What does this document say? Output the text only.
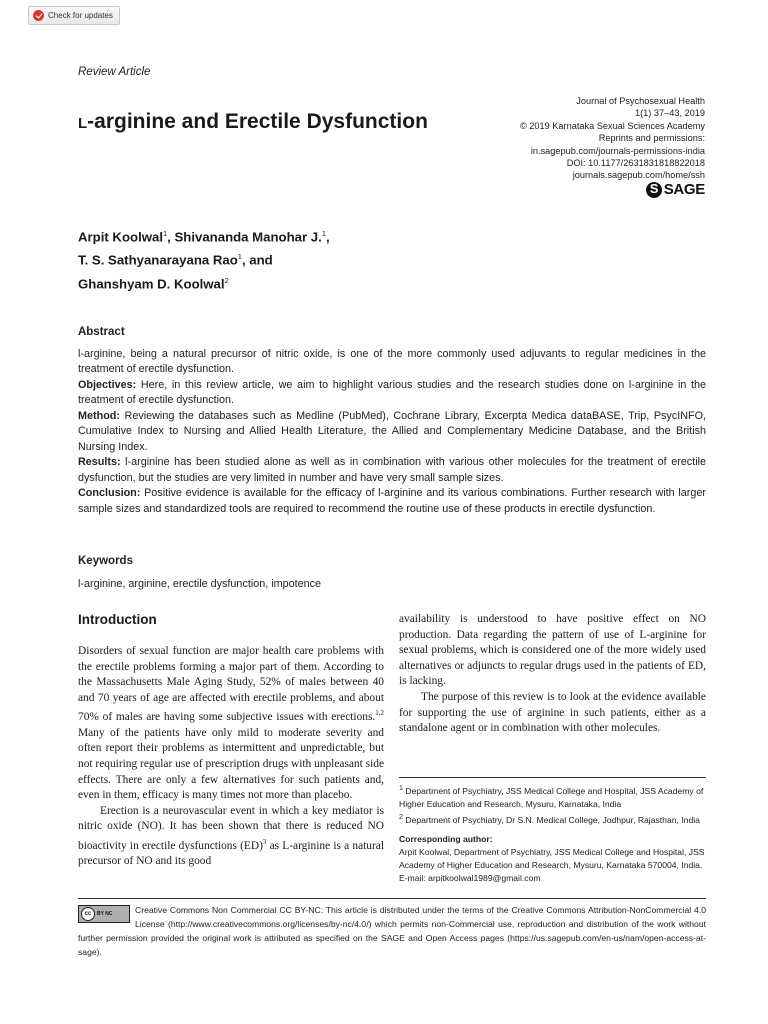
Check for updates
Review Article
l-arginine and Erectile Dysfunction
Journal of Psychosexual Health
1(1) 37–43, 2019
© 2019 Karnataka Sexual Sciences Academy
Reprints and permissions:
in.sagepub.com/journals-permissions-india
DOI: 10.1177/2631831818822018
journals.sagepub.com/home/ssh
S
SAGE
Arpit Koolwal$^1$, Shivananda Manohar J.$^1$,
T. S. Sathyanarayana Rao$^1$, and
Ghanshyam D. Koolwal$^2$
Abstract

l-arginine, being a natural precursor of nitric oxide, is one of the more commonly used adjuvants to regular medicines in the treatment of erectile dysfunction.

Objectives: Here, in this review article, we aim to highlight various studies and the research studies done on l-arginine in the treatment of erectile dysfunction.

Method: Reviewing the databases such as Medline (PubMed), Cochrane Library, Excerpta Medica dataBASE, Trip, PsycINFO, Cumulative Index to Nursing and Allied Health Literature, the Allied and Complementary Medicine Database, and the British Nursing Index.

Results: l-arginine has been studied alone as well as in combination with various other molecules for the treatment of erectile dysfunction, but the studies are very limited in number and have very small sample sizes.

Conclusion: Positive evidence is available for the efficacy of l-arginine and its various combinations. Further research with larger sample sizes and standardized tools are required to recommend the routine use of these products in erectile dysfunction.

Keywords
l-arginine, arginine, erectile dysfunction, impotence
Introduction

Disorders of sexual function are major health care problems with the erectile problems forming a major part of them. According to the Massachusetts Male Aging Study, 52% of males between 40 and 70 years of age are affected with erectile problems, and about 70% of males are having some subjective issues with erections.$^{1,2}$ Many of the patients have only mild to moderate severity and often report their problems as intermittent and unpredictable, but not requiring regular use of prescription drugs with unpleasant side effects. There are only a few alternatives for such patients and, even in them, efficacy is many times not more than placebo.

Erection is a neurovascular event in which a key mediator is nitric oxide (NO). It has been shown that there is reduced NO bioactivity in erectile dysfunctions (ED)$^3$ as L-arginine is a natural precursor of NO and its good

availability is understood to have positive effect on NO production. Data regarding the pattern of use of L-arginine for sexual problems, which is considered one of the more widely used alternatives or adjuncts to regular drugs used in the patients of ED, is lacking.

The purpose of this review is to look at the evidence available for supporting the use of arginine in such patients, either as a standalone agent or in combination with other molecules.

$^1$ Department of Psychiatry, JSS Medical College and Hospital, JSS Academy of Higher Education and Research, Mysuru, Karnataka, India

$^2$ Department of Psychiatry, Dr S.N. Medical College, Jodhpur, Rajasthan, India

Corresponding author:

Arpit Koolwal, Department of Psychiatry, JSS Medical College and Hospital, JSS Academy of Higher Education and Research, Mysuru, Karnataka 570004, India.

E-mail: arpitkoolwal1989@gmail.com

cc	BY NC	Creative Commons Non Commercial CC BY-NC: This article is distributed under the terms of the Creative Commons Attribution-NonCommercial 4.0 License (http://www.creativecommons.org/licenses/by-nc/4.0/) which permits non-Commercial use, reproduction and distribution of the work without further permission provided the original work is attributed as specified on the SAGE and Open Access pages (https://us.sagepub.com/en-us/nam/open-access-at-sage).
